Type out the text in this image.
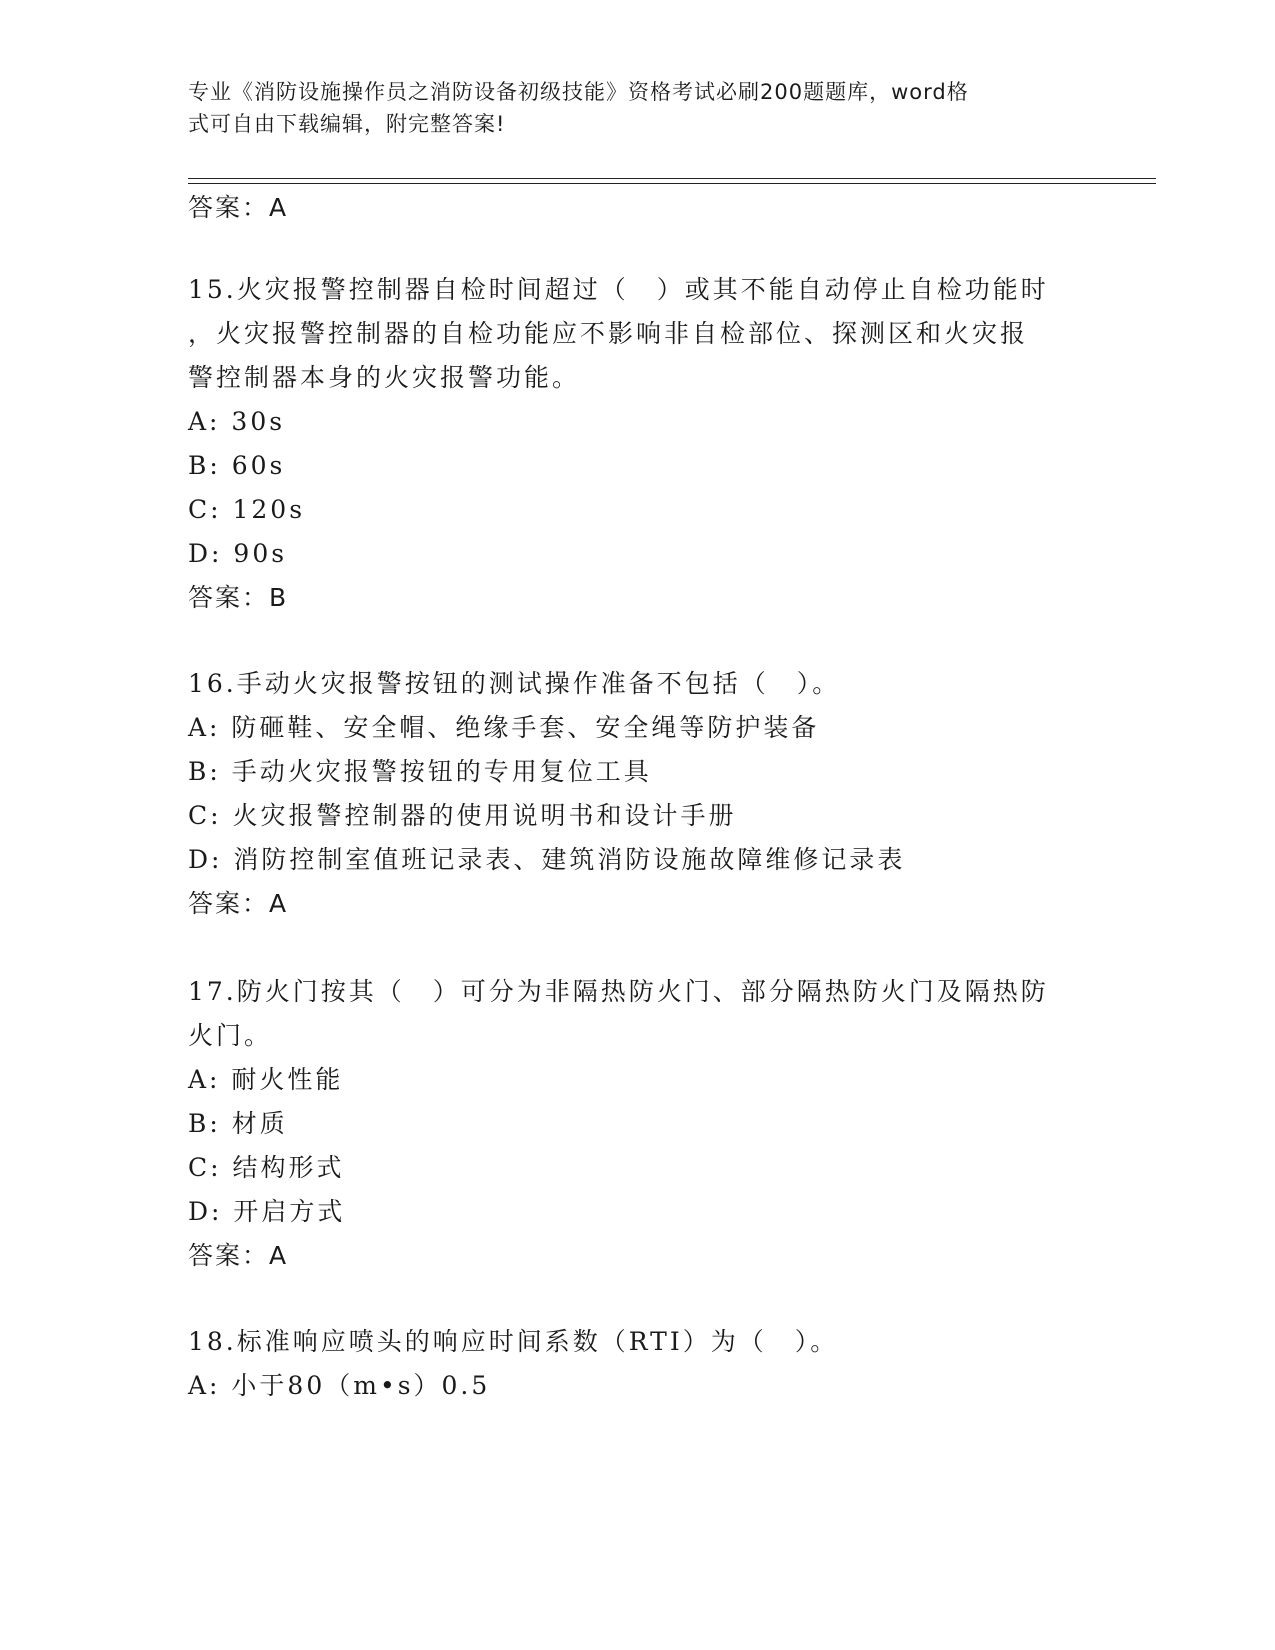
专业《消防设施操作员之消防设备初级技能》资格考试必刷200题题库，word格
式可自由下载编辑，附完整答案!
答案：A
15.火灾报警控制器自检时间超过（　）或其不能自动停止自检功能时
，火灾报警控制器的自检功能应不影响非自检部位、探测区和火灾报
警控制器本身的火灾报警功能。
A: 30s
B: 60s
C: 120s
D: 90s
答案：B
16.手动火灾报警按钮的测试操作准备不包括（　）。
A: 防砸鞋、安全帽、绝缘手套、安全绳等防护装备
B: 手动火灾报警按钮的专用复位工具
C: 火灾报警控制器的使用说明书和设计手册
D: 消防控制室值班记录表、建筑消防设施故障维修记录表
答案：A
17.防火门按其（　）可分为非隔热防火门、部分隔热防火门及隔热防
火门。
A: 耐火性能
B: 材质
C: 结构形式
D: 开启方式
答案：A
18.标准响应喷头的响应时间系数（RTI）为（　）。
A: 小于80（m•s）0.5
